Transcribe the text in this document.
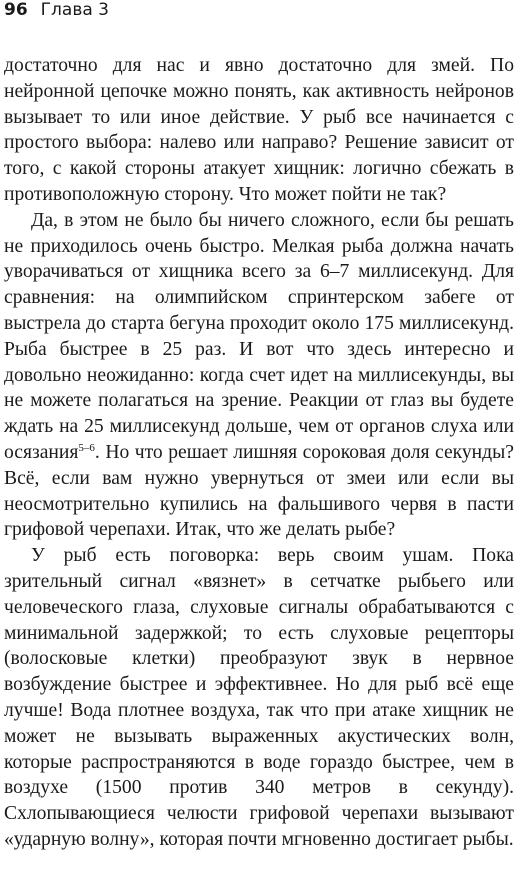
96 Глава 3

достаточно для нас и явно достаточно для змей. По нейронной цепочке можно понять, как активность нейронов вызывает то или иное действие. У рыб все начинается с простого выбора: налево или направо? Решение зависит от того, с какой стороны атакует хищник: логично сбежать в противоположную сторону. Что может пойти не так?

Да, в этом не было бы ничего сложного, если бы решать не приходилось очень быстро. Мелкая рыба должна начать уворачиваться от хищника всего за 6–7 миллисекунд. Для сравнения: на олимпийском спринтерском забеге от выстрела до старта бегуна проходит около 175 миллисекунд. Рыба быстрее в 25 раз. И вот что здесь интересно и довольно неожиданно: когда счет идет на миллисекунды, вы не можете полагаться на зрение. Реакции от глаз вы будете ждать на 25 миллисекунд дольше, чем от органов слуха или осязания$^{5-6}$. Но что решает лишняя сороковая доля секунды? Всё, если вам нужно увернуться от змеи или если вы неосмотрительно купились на фальшивого червя в пасти грифовой черепахи. Итак, что же делать рыбе?

У рыб есть поговорка: верь своим ушам. Пока зрительный сигнал «вязнет» в сетчатке рыбьего или человеческого глаза, слуховые сигналы обрабатываются с минимальной задержкой; то есть слуховые рецепторы (волосковые клетки) преобразуют звук в нервное возбуждение быстрее и эффективнее. Но для рыб всё еще лучше! Вода плотнее воздуха, так что при атаке хищник не может не вызывать выраженных акустических волн, которые распространяются в воде гораздо быстрее, чем в воздухе (1500 против 340 метров в секунду). Схлопывающиеся челюсти грифовой черепахи вызывают «ударную волну», которая почти мгновенно достигает рыбы.
